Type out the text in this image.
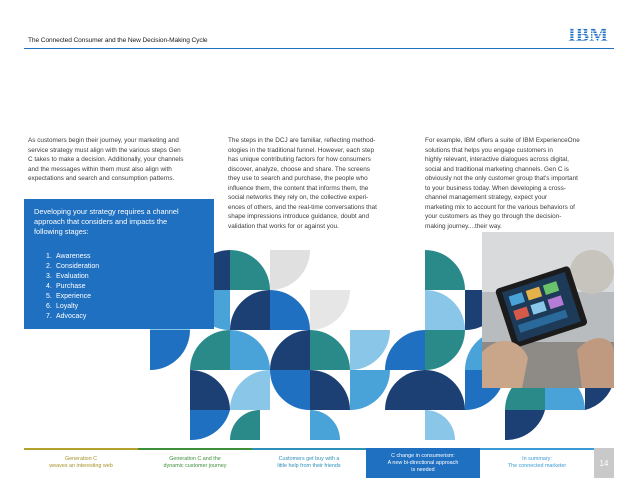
The Connected Consumer and the New Decision-Making Cycle	IBM

As customers begin their journey, your marketing and

service strategy must align with the various steps Gen

C takes to make a decision. Additionally, your channels

and the messages within them must also align with

expectations and search and consumption patterns.

The steps in the DCJ are familiar, reflecting method-

ologies in the traditional funnel. However, each step

has unique contributing factors for how consumers

discover, analyze, choose and share. The screens

they use to search and purchase, the people who

influence them, the content that informs them, the

social networks they rely on, the collective experi-

ences of others, and the real-time conversations that

shape impressions introduce guidance, doubt and

validation that works for or against you.

For example, IBM offers a suite of IBM ExperienceOne

solutions that helps you engage customers in

highly relevant, interactive dialogues across digital,

social and traditional marketing channels. Gen C is

obviously not the only customer group that's important

to your business today. When developing a cross-

channel management strategy, expect your

marketing mix to account for the various behaviors of

your customers as they go through the decision-

making journey....their way.

Developing your strategy requires a channel
approach that considers and impacts the
following stages:
1. Awareness
2. Consideration
3. Evaluation
4. Purchase
5. Experience
6. Loyalty
7. Advocacy
Generation C
weaves an interesting web
Generation C and the
dynamic customer journey
Customers get buy with a
little help from their friends
C change in consumerism:
A new bi-directional approach
is needed
In summary:
The connected marketer	14
